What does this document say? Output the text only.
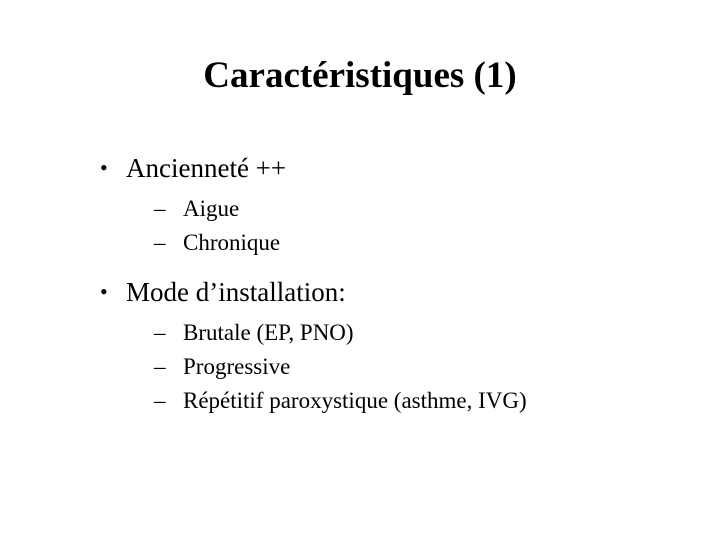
Caractéristiques (1)
• Ancienneté ++
– Aigue
– Chronique
• Mode d’installation:
– Brutale (EP, PNO)
– Progressive
– Répétitif paroxystique (asthme, IVG)
